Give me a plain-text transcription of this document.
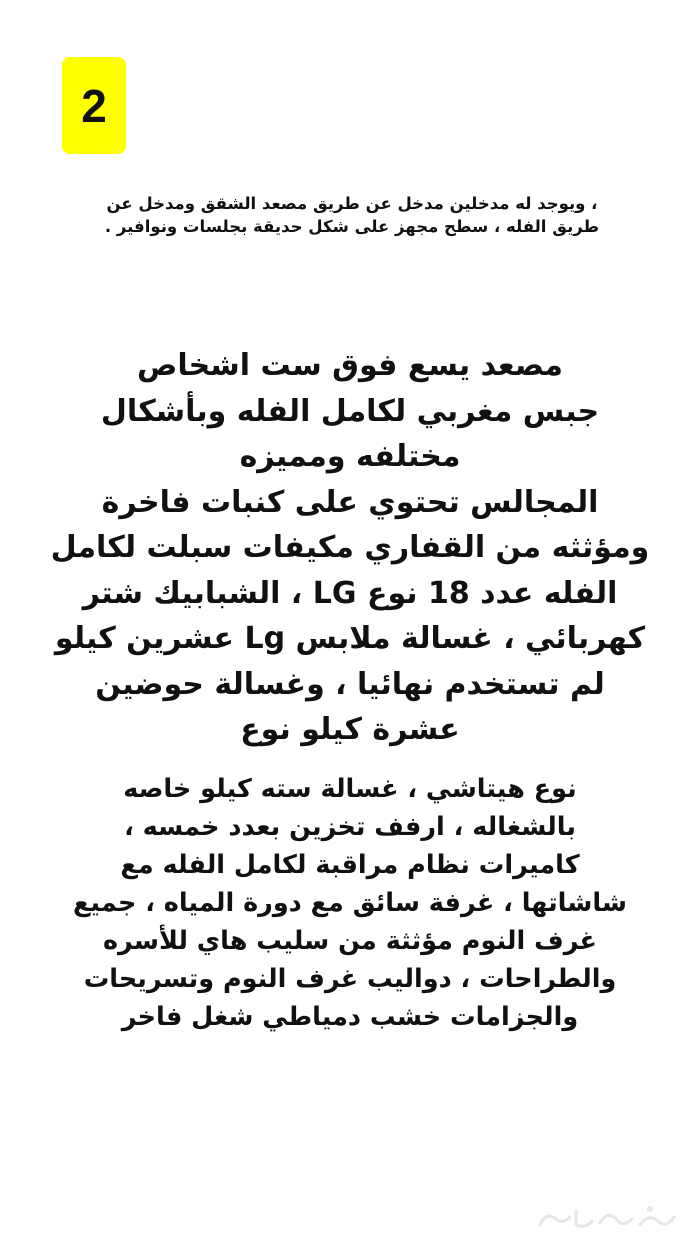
2

، ويوجد له مدخلين مدخل عن طريق مصعد الشقق ومدخل عن
طريق الفله ، سطح مجهز على شكل حديقة بجلسات ونوافير .

مصعد يسع فوق ست اشخاص
جبس مغربي لكامل الفله وبأشكال
مختلفه ومميزه
المجالس تحتوي على كنبات فاخرة
ومؤثثه من القفاري مكيفات سبلت لكامل
الفله عدد 18 نوع LG ، الشبابيك شتر
كهربائي ، غسالة ملابس Lg عشرين كيلو
لم تستخدم نهائيا ، وغسالة حوضين
عشرة كيلو نوع

نوع هيتاشي ، غسالة سته كيلو خاصه
بالشغاله ، ارفف تخزين بعدد خمسه ،
كاميرات نظام مراقبة لكامل الفله مع
شاشاتها ، غرفة سائق مع دورة المياه ، جميع
غرف النوم مؤثثة من سليب هاي للأسره
والطراحات ، دواليب غرف النوم وتسريحات
والجزامات خشب دمياطي شغل فاخر
